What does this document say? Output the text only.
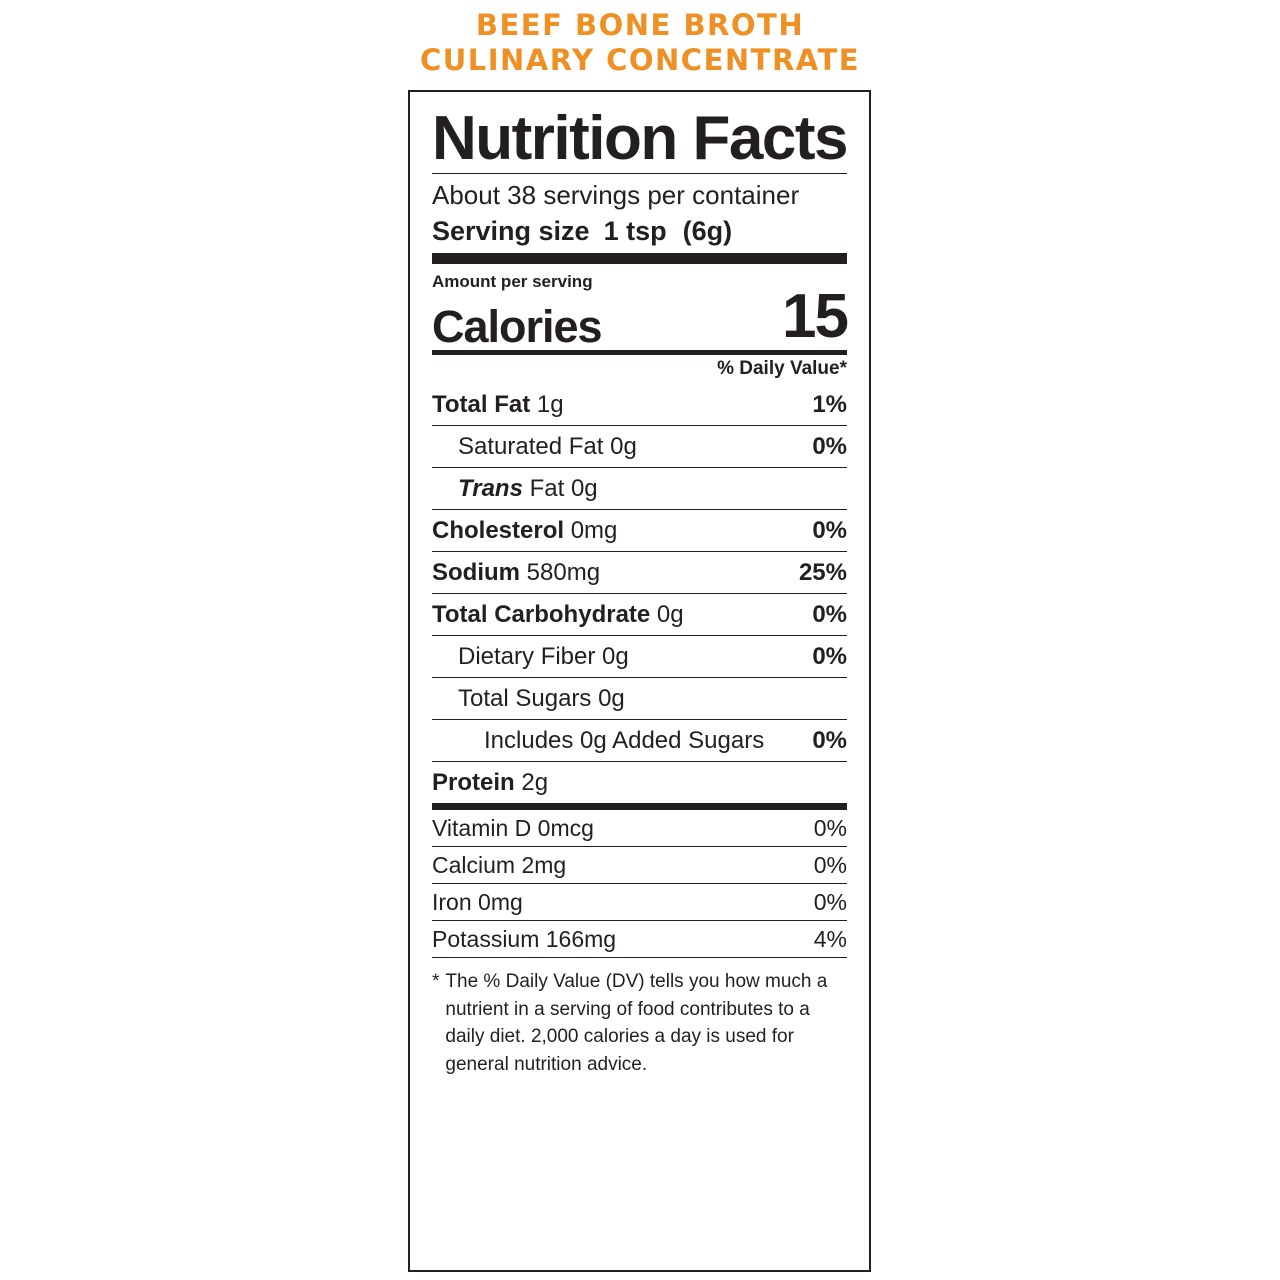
BEEF BONE BROTH
CULINARY CONCENTRATE
Nutrition Facts
About 38 servings per container
Serving size 1 tsp (6g)
Amount per serving
Calories	15
% Daily Value*
Total Fat 1g	1%
Saturated Fat 0g	0%
Trans Fat 0g
Cholesterol 0mg	0%
Sodium 580mg	25%
Total Carbohydrate 0g	0%
Dietary Fiber 0g	0%
Total Sugars 0g
Includes 0g Added Sugars 0%
Protein 2g
Vitamin D 0mcg	0%
Calcium 2mg	0%
Iron 0mg	0%
Potassium 166mg	4%
* The % Daily Value (DV) tells you how much a nutrient in a serving of food contributes to a daily diet. 2,000 calories a day is used for general nutrition advice.
